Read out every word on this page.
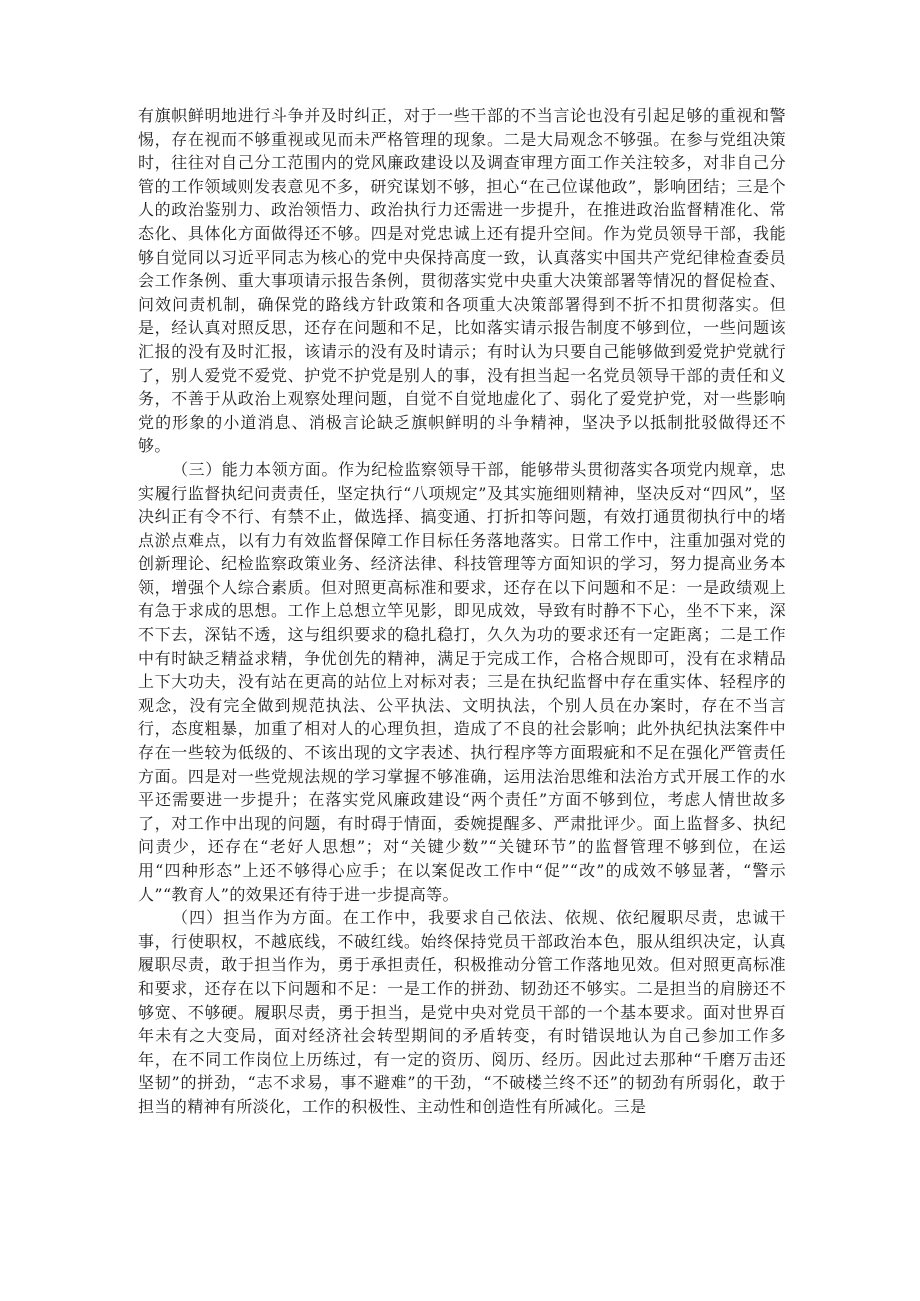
有旗帜鲜明地进行斗争并及时纠正，对于一些干部的不当言论也没有引起足够的重视和警惕，存在视而不够重视或见而未严格管理的现象。二是大局观念不够强。在参与党组决策时，往往对自己分工范围内的党风廉政建设以及调查审理方面工作关注较多，对非自己分管的工作领域则发表意见不多，研究谋划不够，担心“在己位谋他政”，影响团结；三是个人的政治鉴别力、政治领悟力、政治执行力还需进一步提升，在推进政治监督精准化、常态化、具体化方面做得还不够。四是对党忠诚上还有提升空间。作为党员领导干部，我能够自觉同以习近平同志为核心的党中央保持高度一致，认真落实中国共产党纪律检查委员会工作条例、重大事项请示报告条例，贯彻落实党中央重大决策部署等情况的督促检查、问效问责机制，确保党的路线方针政策和各项重大决策部署得到不折不扣贯彻落实。但是，经认真对照反思，还存在问题和不足，比如落实请示报告制度不够到位，一些问题该汇报的没有及时汇报，该请示的没有及时请示；有时认为只要自己能够做到爱党护党就行了，别人爱党不爱党、护党不护党是别人的事，没有担当起一名党员领导干部的责任和义务，不善于从政治上观察处理问题，自觉不自觉地虚化了、弱化了爱党护党，对一些影响党的形象的小道消息、消极言论缺乏旗帜鲜明的斗争精神，坚决予以抵制批驳做得还不够。

（三）能力本领方面。作为纪检监察领导干部，能够带头贯彻落实各项党内规章，忠实履行监督执纪问责责任，坚定执行“八项规定”及其实施细则精神，坚决反对“四风”，坚决纠正有令不行、有禁不止，做选择、搞变通、打折扣等问题，有效打通贯彻执行中的堵点淤点难点，以有力有效监督保障工作目标任务落地落实。日常工作中，注重加强对党的创新理论、纪检监察政策业务、经济法律、科技管理等方面知识的学习，努力提高业务本领，增强个人综合素质。但对照更高标准和要求，还存在以下问题和不足：一是政绩观上有急于求成的思想。工作上总想立竿见影，即见成效，导致有时静不下心，坐不下来，深不下去，深钻不透，这与组织要求的稳扎稳打，久久为功的要求还有一定距离；二是工作中有时缺乏精益求精，争优创先的精神，满足于完成工作，合格合规即可，没有在求精品上下大功夫，没有站在更高的站位上对标对表；三是在执纪监督中存在重实体、轻程序的观念，没有完全做到规范执法、公平执法、文明执法，个别人员在办案时，存在不当言行，态度粗暴，加重了相对人的心理负担，造成了不良的社会影响；此外执纪执法案件中存在一些较为低级的、不该出现的文字表述、执行程序等方面瑕疵和不足在强化严管责任方面。四是对一些党规法规的学习掌握不够准确，运用法治思维和法治方式开展工作的水平还需要进一步提升；在落实党风廉政建设“两个责任”方面不够到位，考虑人情世故多了，对工作中出现的问题，有时碍于情面，委婉提醒多、严肃批评少。面上监督多、执纪问责少，还存在“老好人思想”；对“关键少数”“关键环节”的监督管理不够到位，在运用“四种形态”上还不够得心应手；在以案促改工作中“促”“改”的成效不够显著，“警示人”“教育人”的效果还有待于进一步提高等。

（四）担当作为方面。在工作中，我要求自己依法、依规、依纪履职尽责，忠诚干事，行使职权，不越底线，不破红线。始终保持党员干部政治本色，服从组织决定，认真履职尽责，敢于担当作为，勇于承担责任，积极推动分管工作落地见效。但对照更高标准和要求，还存在以下问题和不足：一是工作的拼劲、韧劲还不够实。二是担当的肩膀还不够宽、不够硬。履职尽责，勇于担当，是党中央对党员干部的一个基本要求。面对世界百年未有之大变局，面对经济社会转型期间的矛盾转变，有时错误地认为自己参加工作多年，在不同工作岗位上历练过，有一定的资历、阅历、经历。因此过去那种“千磨万击还坚韧”的拼劲，“志不求易，事不避难”的干劲，“不破楼兰终不还”的韧劲有所弱化，敢于担当的精神有所淡化，工作的积极性、主动性和创造性有所减化。三是
